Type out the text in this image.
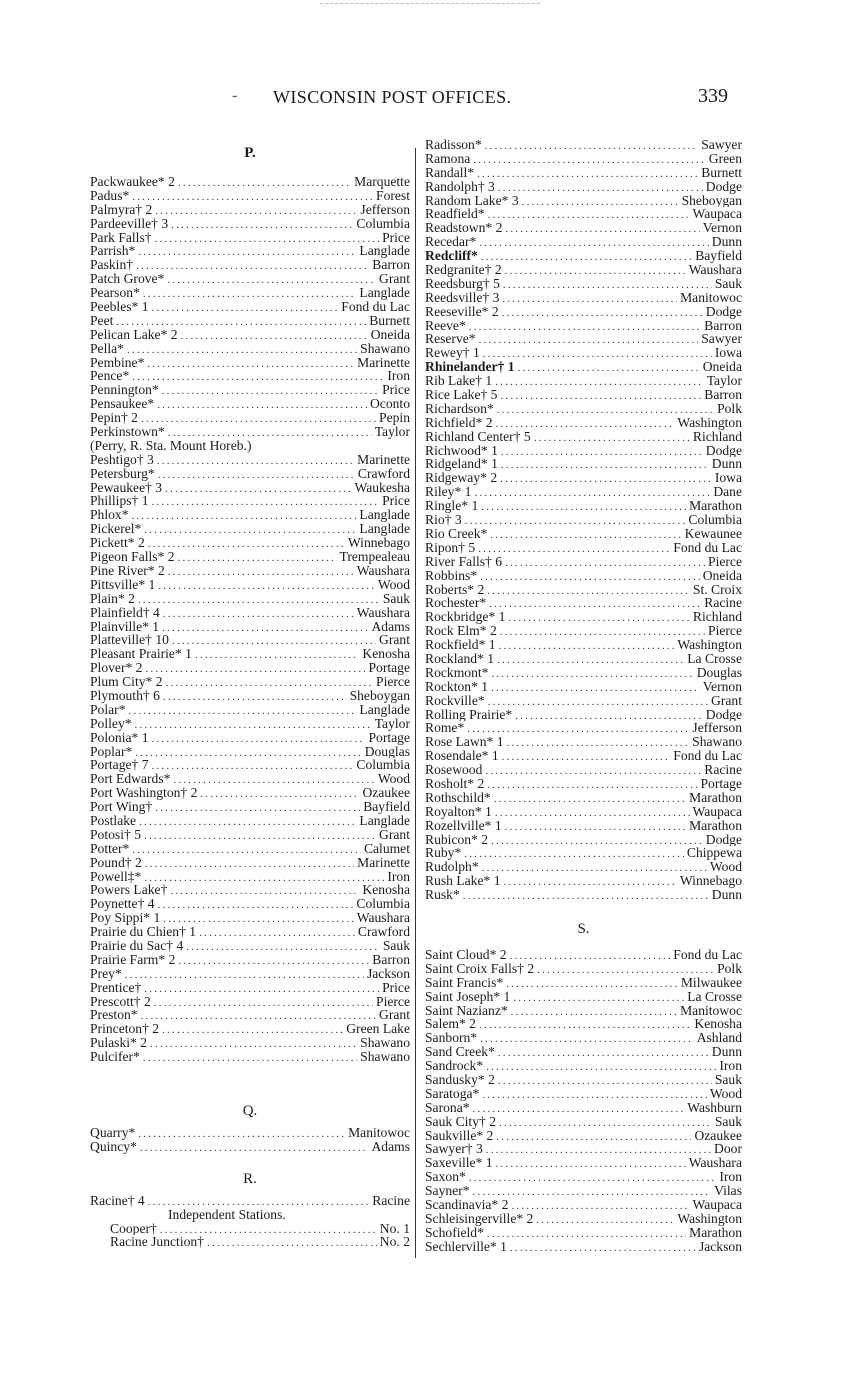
- WISCONSIN POST OFFICES.	339
P.
Packwaukee* 2 .....	Marquette
Padus* .....	Forest
Palmyra† 2 .....	Jefferson
Pardeeville† 3 .....	Columbia
Park Falls† .....	Price
Parrish* .....	Langlade
Paskin† .....	Barron
Patch Grove* .....	Grant
Pearson* .....	Langlade
Peebles* 1 .....	Fond du Lac
Peet .....	Burnett
Pelican Lake* 2 .....	Oneida
Pella* .....	Shawano
Pembine* .....	Marinette
Pence* .....	Iron
Pennington* .....	Price
Pensaukee* .....	Oconto
Pepin† 2 .....	Pepin
Perkinstown* .....	Taylor
(Perry, R. Sta. Mount Horeb.)
Peshtigo† 3 .....	Marinette
Petersburg* .....	Crawford
Pewaukee† 3 .....	Waukesha
Phillips† 1 .....	Price
Phlox* .....	Langlade
Pickerel* .....	Langlade
Pickett* 2 .....	Winnebago
Pigeon Falls* 2 .....	Trempealeau
Pine River* 2 .....	Waushara
Pittsville* 1 .....	Wood
Plain* 2 .....	Sauk
Plainfield† 4 .....	Waushara
Plainville* 1 .....	Adams
Platteville† 10 .....	Grant
Pleasant Prairie* 1 .....	Kenosha
Plover* 2 .....	Portage
Plum City* 2 .....	Pierce
Plymouth† 6 .....	Sheboygan
Polar* .....	Langlade
Polley* .....	Taylor
Polonia* 1 .....	Portage
Poplar* .....	Douglas
Portage† 7 .....	Columbia
Port Edwards* .....	Wood
Port Washington† 2 .....	Ozaukee
Port Wing† .....	Bayfield
Postlake .....	Langlade
Potosi† 5 .....	Grant
Potter* .....	Calumet
Pound† 2 .....	Marinette
Powell‡* .....	Iron
Powers Lake† .....	Kenosha
Poynette† 4 .....	Columbia
Poy Sippi* 1 .....	Waushara
Prairie du Chien† 1 .....	Crawford
Prairie du Sac† 4 .....	Sauk
Prairie Farm* 2 .....	Barron
Prey* .....	Jackson
Prentice† .....	Price
Prescott† 2 .....	Pierce
Preston* .....	Grant
Princeton† 2 .....	Green Lake
Pulaski* 2 .....	Shawano
Pulcifer* .....	Shawano
Q.
Quarry* .....	Manitowoc
Quincy* .....	Adams
R.
Racine† 4 .....	Racine
Independent Stations.
Cooper† .....	No. 1
Racine Junction† .....	No. 2
Radisson* .....	Sawyer
Ramona .....	Green
Randall* .....	Burnett
Randolph† 3 .....	Dodge
Random Lake* 3 .....	Sheboygan
Readfield* .....	Waupaca
Readstown* 2 .....	Vernon
Recedar* .....	Dunn
Redcliff* .....	Bayfield
Redgranite† 2 .....	Waushara
Reedsburg† 5 .....	Sauk
Reedsville† 3 .....	Manitowoc
Reeseville* 2 .....	Dodge
Reeve* .....	Barron
Reserve* .....	Sawyer
Rewey† 1 .....	Iowa
Rhinelander† 1 .....	Oneida
Rib Lake† 1 .....	Taylor
Rice Lake† 5 .....	Barron
Richardson* .....	Polk
Richfield* 2 .....	Washington
Richland Center† 5 .....	Richland
Richwood* 1 .....	Dodge
Ridgeland* 1 .....	Dunn
Ridgeway* 2 .....	Iowa
Riley* 1 .....	Dane
Ringle* 1 .....	Marathon
Rio† 3 .....	Columbia
Rio Creek* .....	Kewaunee
Ripon† 5 .....	Fond du Lac
River Falls† 6 .....	Pierce
Robbins* .....	Oneida
Roberts* 2 .....	St. Croix
Rochester* .....	Racine
Rockbridge* 1 .....	Richland
Rock Elm* 2 .....	Pierce
Rockfield* 1 .....	Washington
Rockland* 1 .....	La Crosse
Rockmont* .....	Douglas
Rockton* 1 .....	Vernon
Rockville* .....	Grant
Rolling Prairie* .....	Dodge
Rome* .....	Jefferson
Rose Lawn* 1 .....	Shawano
Rosendale* 1 .....	Fond du Lac
Rosewood .....	Racine
Rosholt* 2 .....	Portage
Rothschild* .....	Marathon
Royalton* 1 .....	Waupaca
Rozellville* 1 .....	Marathon
Rubicon* 2 .....	Dodge
Ruby* .....	Chippewa
Rudolph* .....	Wood
Rush Lake* 1 .....	Winnebago
Rusk* .....	Dunn
S.
Saint Cloud* 2 .....	Fond du Lac
Saint Croix Falls† 2 .....	Polk
Saint Francis* .....	Milwaukee
Saint Joseph* 1 .....	La Crosse
Saint Nazianz* .....	Manitowoc
Salem* 2 .....	Kenosha
Sanborn* .....	Ashland
Sand Creek* .....	Dunn
Sandrock* .....	Iron
Sandusky* 2 .....	Sauk
Saratoga* .....	Wood
Sarona* .....	Washburn
Sauk City† 2 .....	Sauk
Saukville* 2 .....	Ozaukee
Sawyer† 3 .....	Door
Saxeville* 1 .....	Waushara
Saxon* .....	Iron
Sayner* .....	Vilas
Scandinavia* 2 .....	Waupaca
Schleisingerville* 2 .....	Washington
Schofield* .....	Marathon
Sechlerville* 1 .....	Jackson
